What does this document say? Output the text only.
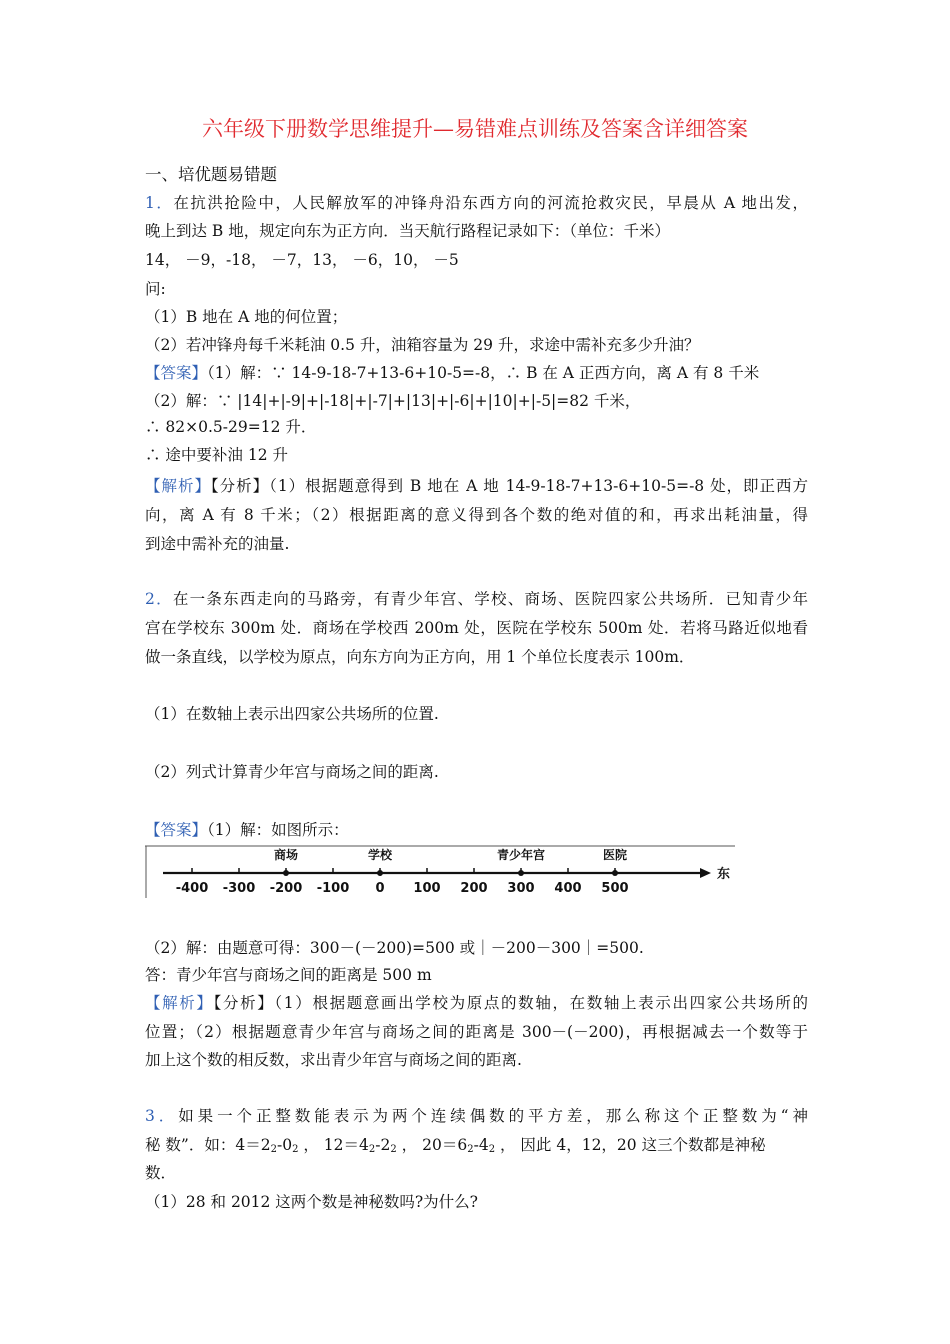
六年级下册数学思维提升—易错难点训练及答案含详细答案
一、培优题易错题
1．在抗洪抢险中，人民解放军的冲锋舟沿东西方向的河流抢救灾民，早晨从 A 地出发，
晚上到达 B 地，规定向东为正方向．当天航行路程记录如下：（单位：千米）
14， －9，-18， －7，13， －6，10， －5
问:
（1）B 地在 A 地的何位置；
（2）若冲锋舟每千米耗油 0.5 升，油箱容量为 29 升，求途中需补充多少升油？
【答案】（1）解：∵ 14-9-18-7+13-6+10-5=-8，∴ B 在 A 正西方向，离 A 有 8 千米
（2）解：∵ |14|+|-9|+|-18|+|-7|+|13|+|-6|+|10|+|-5|=82 千米，
∴ 82×0.5-29=12 升．
∴ 途中要补油 12 升
【解析】【分析】（1）根据题意得到 B 地在 A 地 14-9-18-7+13-6+10-5=-8 处，即正西方
向，离 A 有 8 千米；（2）根据距离的意义得到各个数的绝对值的和，再求出耗油量，得
到途中需补充的油量.
2．在一条东西走向的马路旁，有青少年宫、学校、商场、医院四家公共场所．已知青少年
宫在学校东 300m 处．商场在学校西 200m 处，医院在学校东 500m 处．若将马路近似地看
做一条直线，以学校为原点，向东方向为正方向，用 1 个单位长度表示 100m．
（1）在数轴上表示出四家公共场所的位置.
（2）列式计算青少年宫与商场之间的距离.
【答案】（1）解：如图所示：
-400 -300 -200 -100 0 100 200 300 400 500
商场	学校	青少年宫	医院
东
（2）解：由题意可得：300－(－200)=500 或｜－200－300｜=500.
答：青少年宫与商场之间的距离是 500 m
【解析】【分析】（1）根据题意画出学校为原点的数轴，在数轴上表示出四家公共场所的
位置；（2）根据题意青少年宫与商场之间的距离是 300－(－200)，再根据减去一个数等于
加上这个数的相反数，求出青少年宫与商场之间的距离.
3．如果一个正整数能表示为两个连续偶数的平方差，那么称这个正整数为“神
秘 数”．如：$4=2^2-0^2$ ， $12=4^2-2^2$ ， $20=6^2-4^2$ ， 因此 4，12，20 这三个数都是神秘
数．
（1）28 和 2012 这两个数是神秘数吗?为什么?
